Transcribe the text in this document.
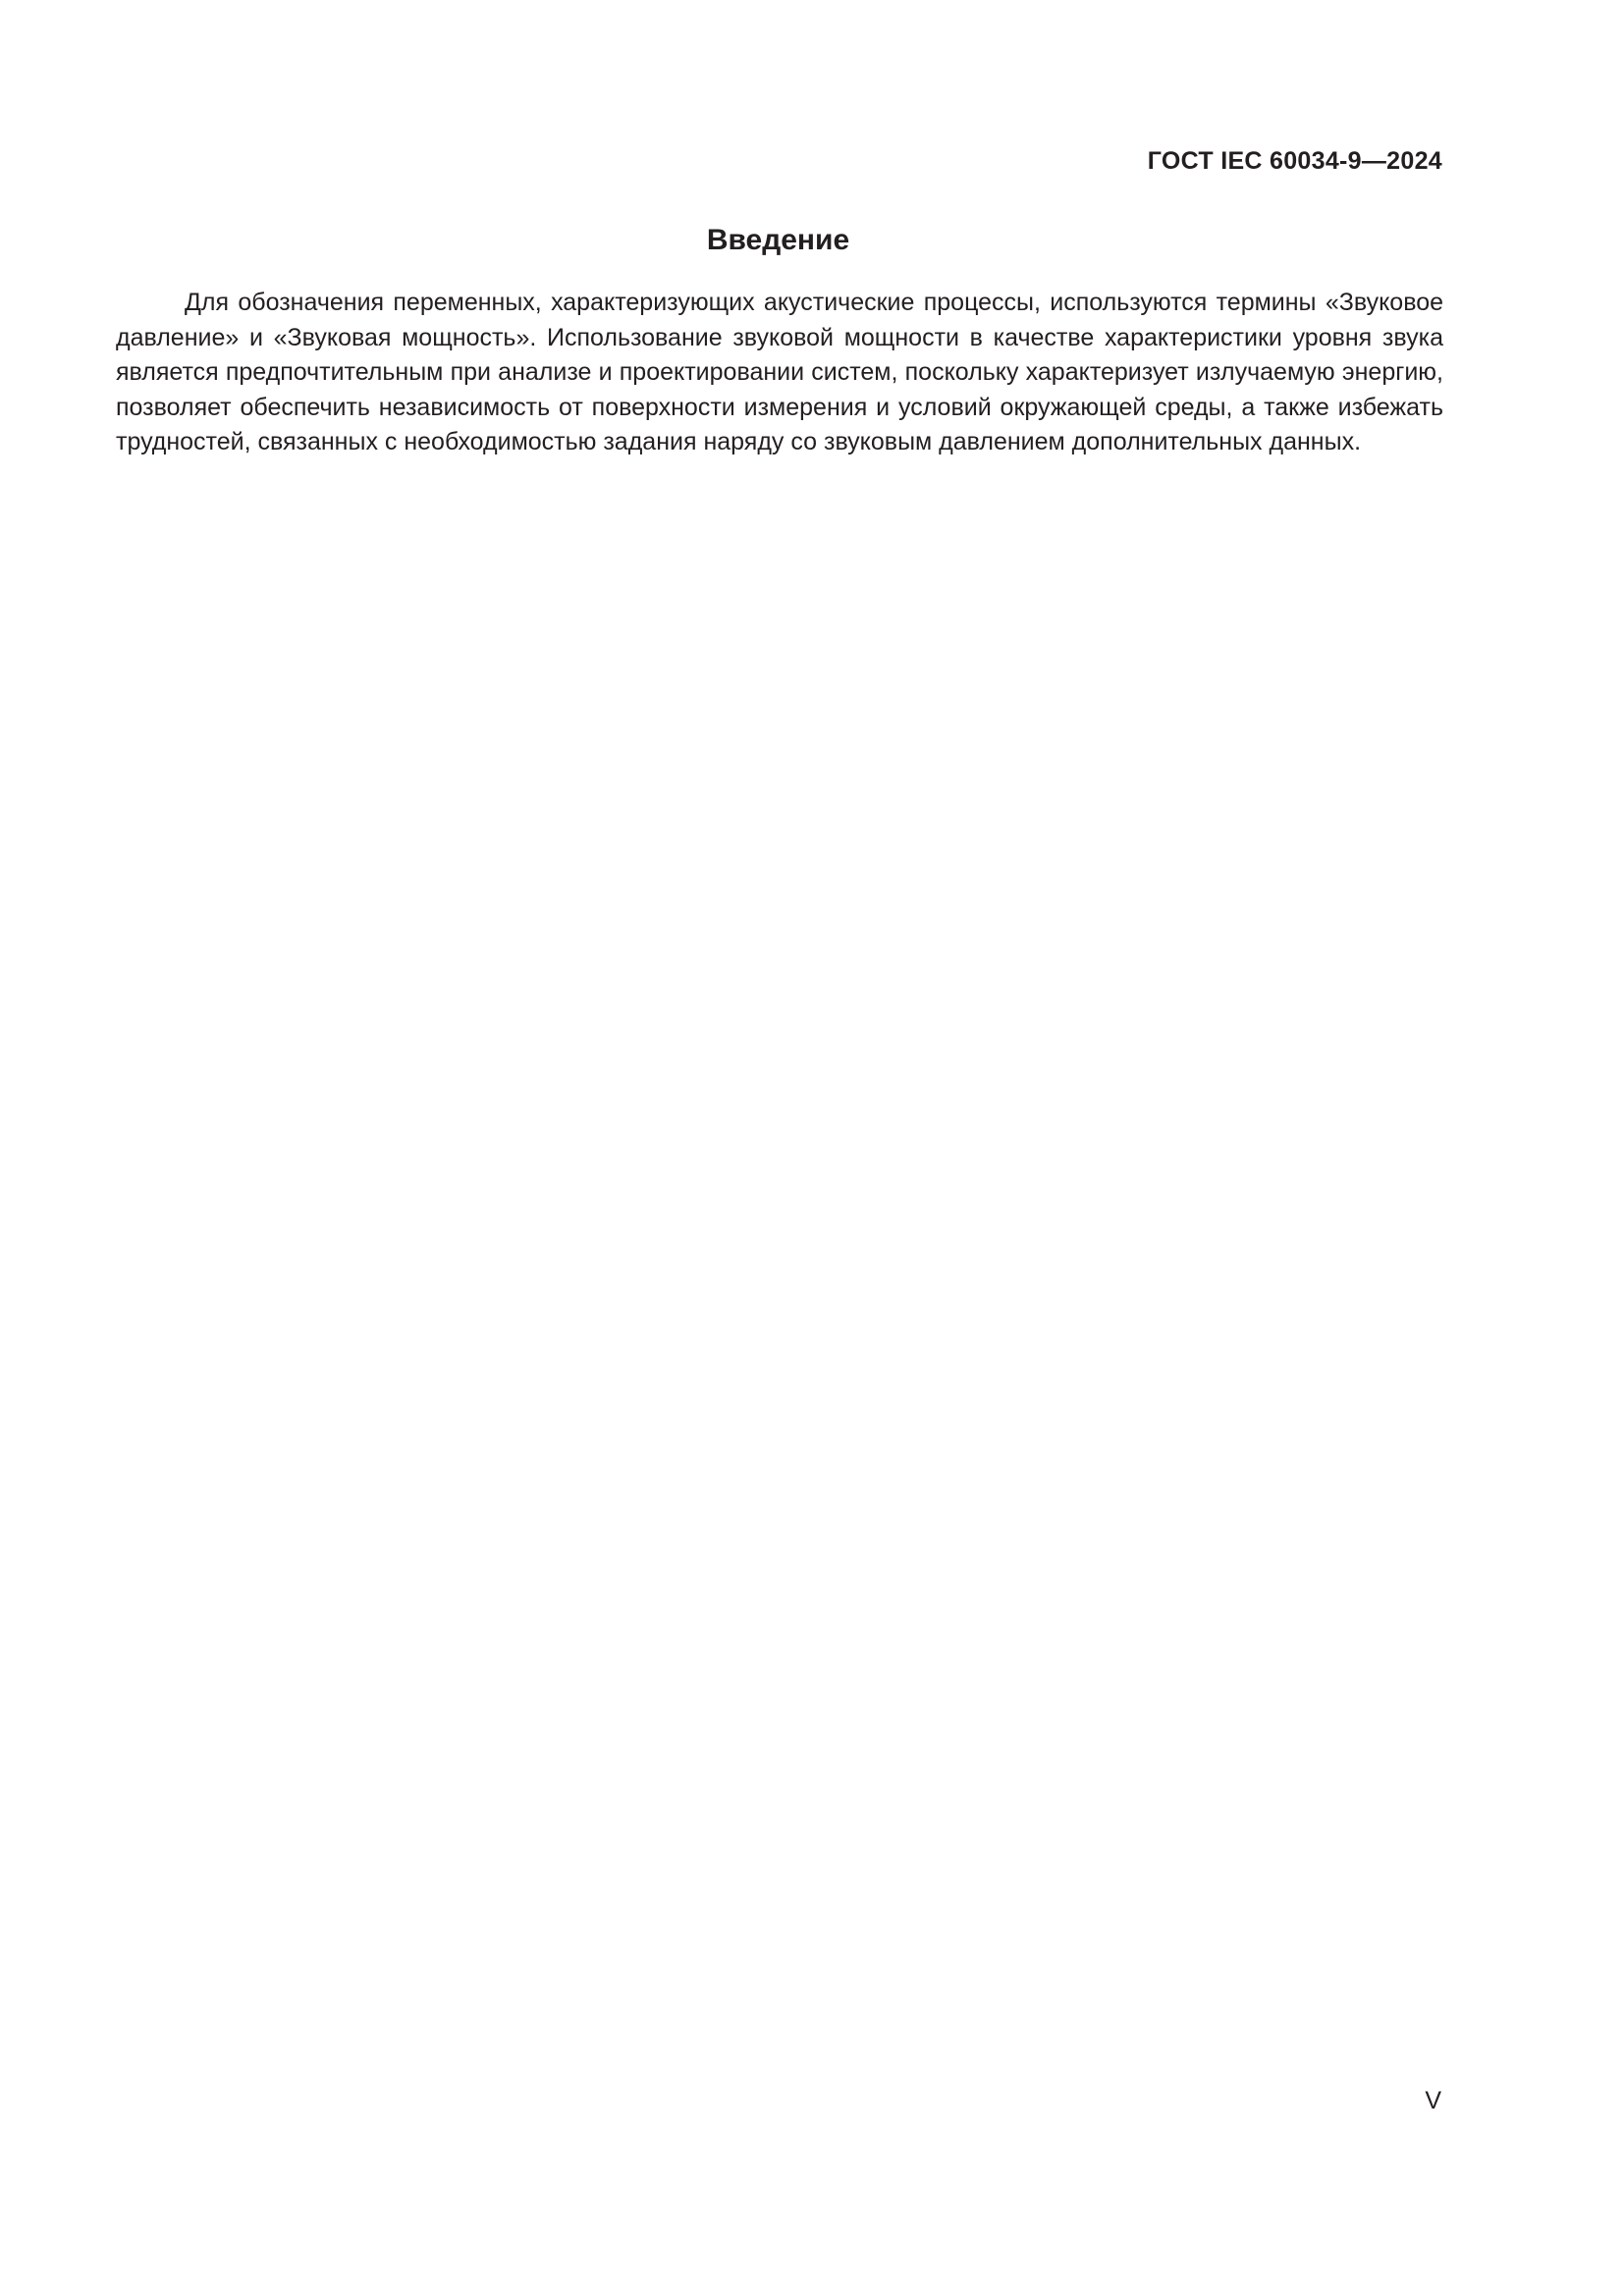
ГОСТ IEC 60034-9—2024
Введение

Для обозначения переменных, характеризующих акустические процессы, используются термины «Звуковое давление» и «Звуковая мощность». Использование звуковой мощности в качестве характеристики уровня звука является предпочтительным при анализе и проектировании систем, поскольку характеризует излучаемую энергию, позволяет обеспечить независимость от поверхности измерения и условий окружающей среды, а также избежать трудностей, связанных с необходимостью задания наряду со звуковым давлением дополнительных данных.

V
